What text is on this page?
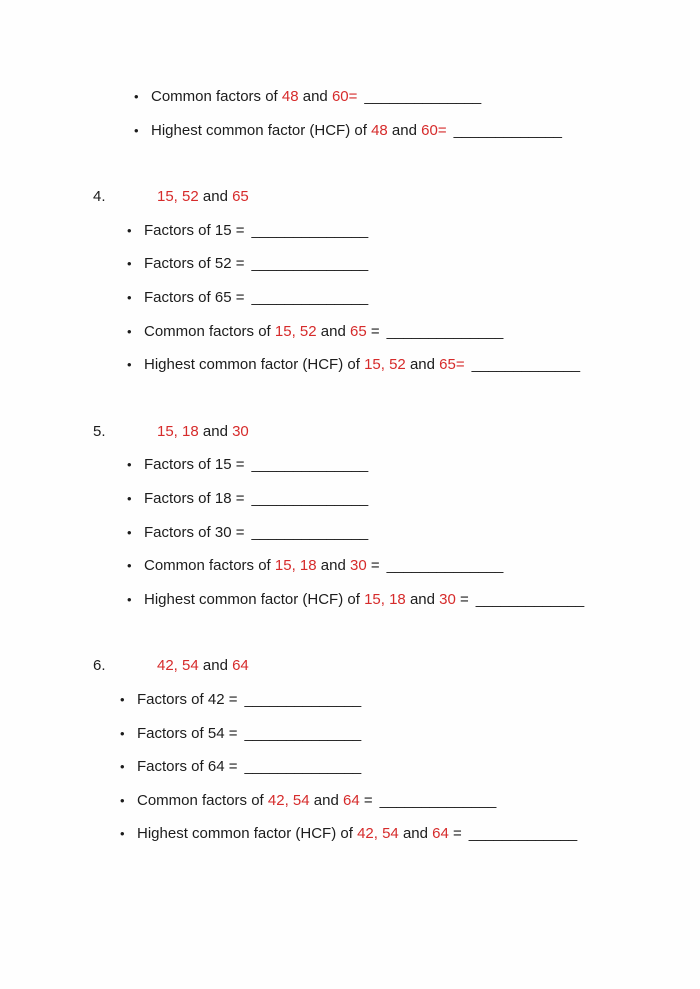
• Common factors of 48 and 60= ______________
• Highest common factor (HCF) of 48 and 60= _____________
4.	15, 52 and 65
• Factors of 15 = ______________
• Factors of 52 = ______________
• Factors of 65 = ______________
• Common factors of 15, 52 and 65 = ______________
• Highest common factor (HCF) of 15, 52 and 65= _____________
5.	15, 18 and 30
• Factors of 15 = ______________
• Factors of 18 = ______________
• Factors of 30 = ______________
• Common factors of 15, 18 and 30 = ______________
• Highest common factor (HCF) of 15, 18 and 30 = _____________
6.	42, 54 and 64
• Factors of 42 = ______________
• Factors of 54 = ______________
• Factors of 64 = ______________
• Common factors of 42, 54 and 64 = ______________
• Highest common factor (HCF) of 42, 54 and 64 = _____________
